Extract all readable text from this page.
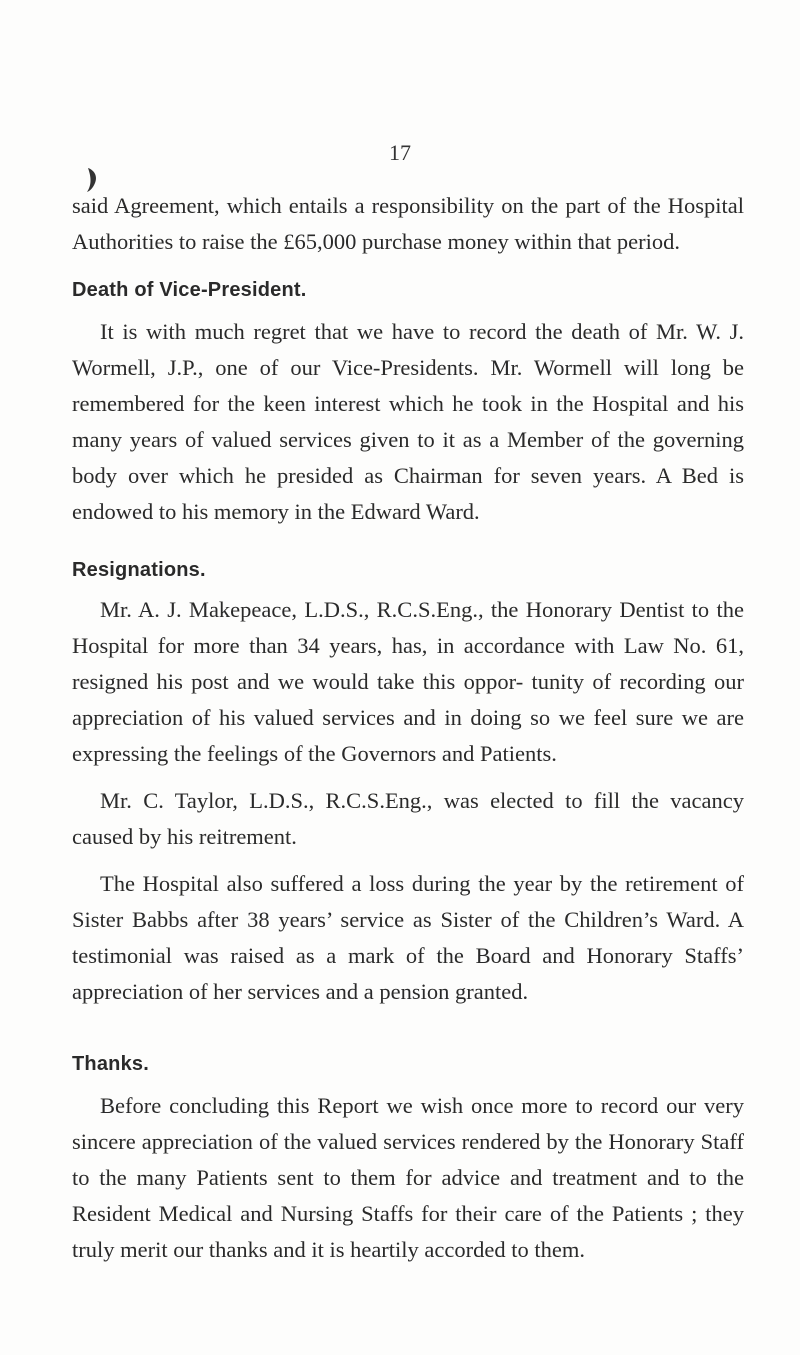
17

said Agreement, which entails a responsibility on the part of the Hospital Authorities to raise the £65,000 purchase money within that period.

Death of Vice-President.

It is with much regret that we have to record the death of Mr. W. J. Wormell, J.P., one of our Vice-Presidents. Mr. Wormell will long be remembered for the keen interest which he took in the Hospital and his many years of valued services given to it as a Member of the governing body over which he presided as Chairman for seven years. A Bed is endowed to his memory in the Edward Ward.

Resignations.

Mr. A. J. Makepeace, L.D.S., R.C.S.Eng., the Honorary Dentist to the Hospital for more than 34 years, has, in accordance with Law No. 61, resigned his post and we would take this oppor- tunity of recording our appreciation of his valued services and in doing so we feel sure we are expressing the feelings of the Governors and Patients.

Mr. C. Taylor, L.D.S., R.C.S.Eng., was elected to fill the vacancy caused by his reitrement.

The Hospital also suffered a loss during the year by the retirement of Sister Babbs after 38 years’ service as Sister of the Children’s Ward. A testimonial was raised as a mark of the Board and Honorary Staffs’ appreciation of her services and a pension granted.

Thanks.

Before concluding this Report we wish once more to record our very sincere appreciation of the valued services rendered by the Honorary Staff to the many Patients sent to them for advice and treatment and to the Resident Medical and Nursing Staffs for their care of the Patients ; they truly merit our thanks and it is heartily accorded to them.
